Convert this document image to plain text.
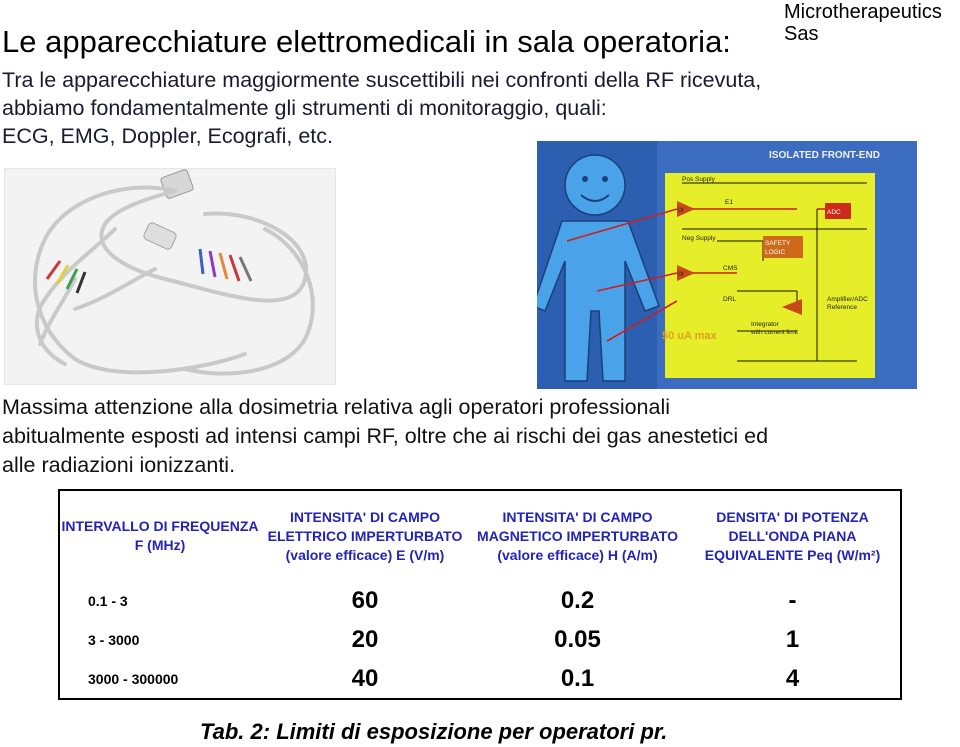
Microtherapeutics
Sas
Le apparecchiature elettromedicali in sala operatoria:
Tra le apparecchiature maggiormente suscettibili nei confronti della RF ricevuta,
abbiamo fondamentalmente gli strumenti di monitoraggio, quali:
ECG, EMG, Doppler, Ecografi, etc.
ISOLATED FRONT-END
Pos Supply
E1
Neg Supply
CMS
DRL
ADC
SAFETY
LOGIC
Amplifier/ADC
Reference
Integrator
with current limit
IX
IX
50 uA max
Massima attenzione alla dosimetria relativa agli operatori professionali
abitualmente esposti ad intensi campi RF, oltre che ai rischi dei gas anestetici ed
alle radiazioni ionizzanti.
INTERVALLO DI FREQUENZA F (MHz)	INTENSITA' DI CAMPO ELETTRICO IMPERTURBATO (valore efficace) E (V/m)	INTENSITA' DI CAMPO MAGNETICO IMPERTURBATO (valore efficace) H (A/m)	DENSITA' DI POTENZA DELL'ONDA PIANA EQUIVALENTE Peq (W/m²)
0.1 - 3	60	0.2	-
3 - 3000	20	0.05	1
3000 - 300000	40	0.1	4
Tab. 2: Limiti di esposizione per operatori pr.
